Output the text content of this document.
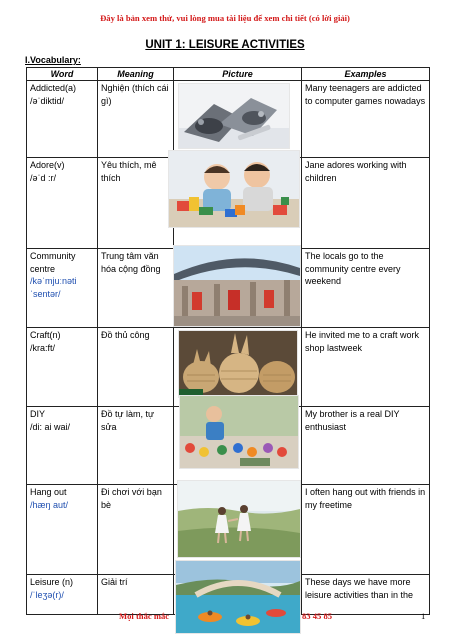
Đây là bản xem thử, vui lòng mua tài liệu để xem chi tiết (có lời giải)
UNIT 1: LEISURE ACTIVITIES
I.Vocabulary:
Word	Meaning	Picture	Examples

Addicted(a)
/əˈdiktid/	Nghiện (thích cái gì)		Many teenagers are addicted to computer games nowadays

Adore(v)
/əˈd :r/	Yêu thích, mê thích		Jane adores working with children

Community centre
/kəˈmjuːnəti ˈsentər/	Trung tâm văn hóa cộng đồng		The locals go to the community centre every weekend

Craft(n)
/kra:ft/	Đồ thủ công		He invited me to a craft work shop lastweek

DIY
/di: ai wai/	Đồ tự làm, tự sửa		My brother is a real DIY enthusiast

Hang out
/hæŋ aut/	Đi chơi với bạn bè		I often hang out with friends in my freetime

Leisure (n)
/ˈleʒə(r)/	Giải trí		These days we have more leisure activities than in the
Mọi thắc mắc	83 45 85	1
